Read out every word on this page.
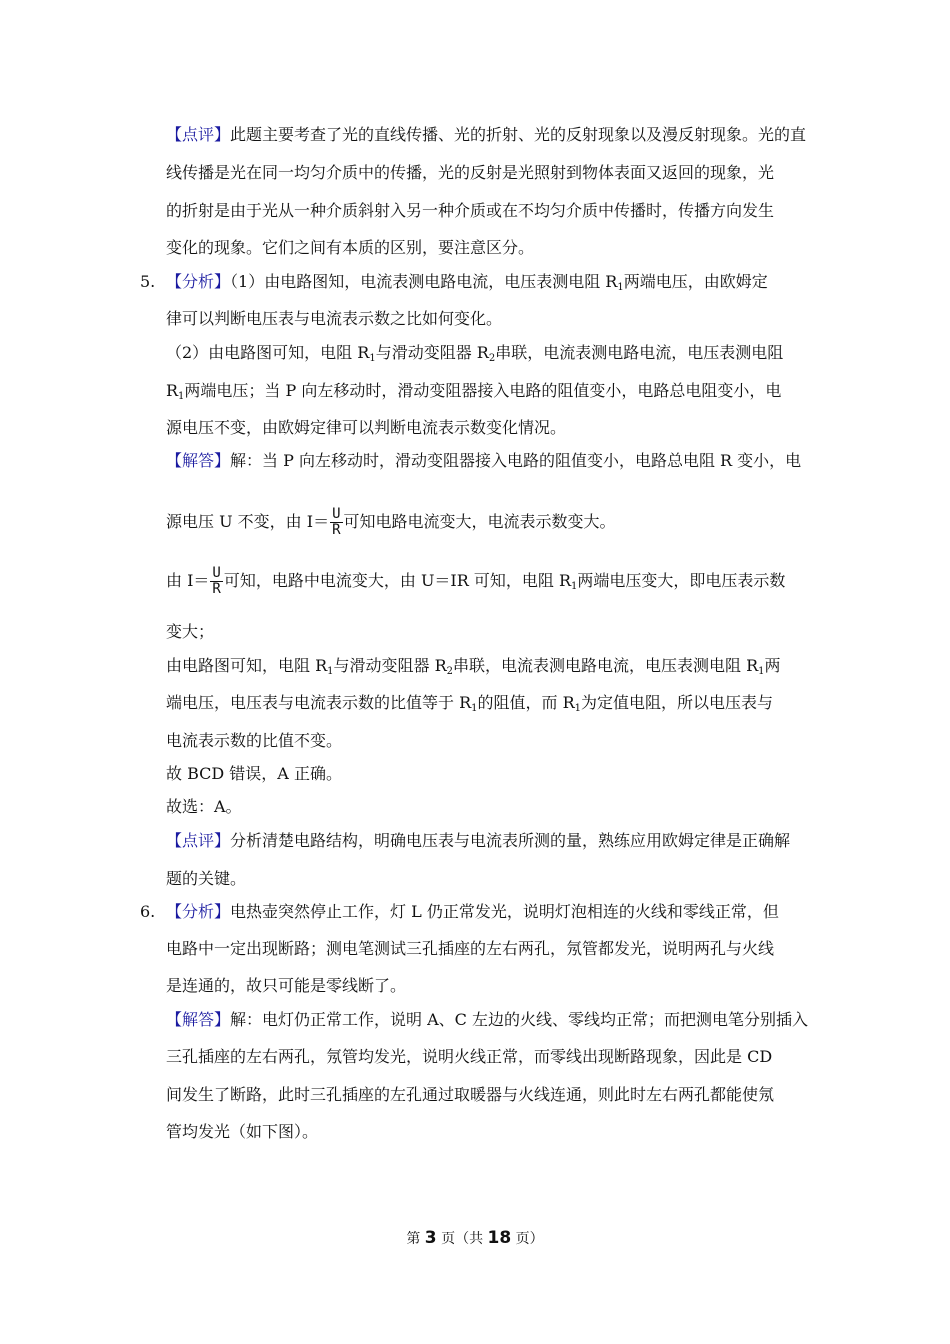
【点评】此题主要考查了光的直线传播、光的折射、光的反射现象以及漫反射现象。光的直
线传播是光在同一均匀介质中的传播，光的反射是光照射到物体表面又返回的现象，光
的折射是由于光从一种介质斜射入另一种介质或在不均匀介质中传播时，传播方向发生
变化的现象。它们之间有本质的区别，要注意区分。
5. 【分析】（1）由电路图知，电流表测电路电流，电压表测电阻 $R_1$两端电压，由欧姆定
律可以判断电压表与电流表示数之比如何变化。
（2）由电路图可知，电阻 $R_1$与滑动变阻器 $R_2$串联，电流表测电路电流，电压表测电阻
$R_1$两端电压；当 P 向左移动时，滑动变阻器接入电路的阻值变小，电路总电阻变小，电
源电压不变，由欧姆定律可以判断电流表示数变化情况。
【解答】解：当 P 向左移动时，滑动变阻器接入电路的阻值变小，电路总电阻 R 变小，电
源电压 U 不变，由 $I= \frac{U}{R}$ 可知电路电流变大，电流表示数变大。
由 $I= \frac{U}{R}$ 可知，电路中电流变大，由 U＝IR 可知，电阻 $R_1$两端电压变大，即电压表示数
变大；
由电路图可知，电阻 $R_1$与滑动变阻器 $R_2$串联，电流表测电路电流，电压表测电阻 $R_1$两
端电压，电压表与电流表示数的比值等于 $R_1$的阻值，而 $R_1$为定值电阻，所以电压表与
电流表示数的比值不变。
故 BCD 错误，A 正确。
故选：A。
【点评】分析清楚电路结构，明确电压表与电流表所测的量，熟练应用欧姆定律是正确解
题的关键。
6. 【分析】电热壶突然停止工作，灯 L 仍正常发光，说明灯泡相连的火线和零线正常，但
电路中一定出现断路；测电笔测试三孔插座的左右两孔，氖管都发光，说明两孔与火线
是连通的，故只可能是零线断了。
【解答】解：电灯仍正常工作，说明 A、C 左边的火线、零线均正常；而把测电笔分别插入
三孔插座的左右两孔，氖管均发光，说明火线正常，而零线出现断路现象，因此是 CD
间发生了断路，此时三孔插座的左孔通过取暖器与火线连通，则此时左右两孔都能使氖
管均发光（如下图）。
第 3 页（共 18 页）
